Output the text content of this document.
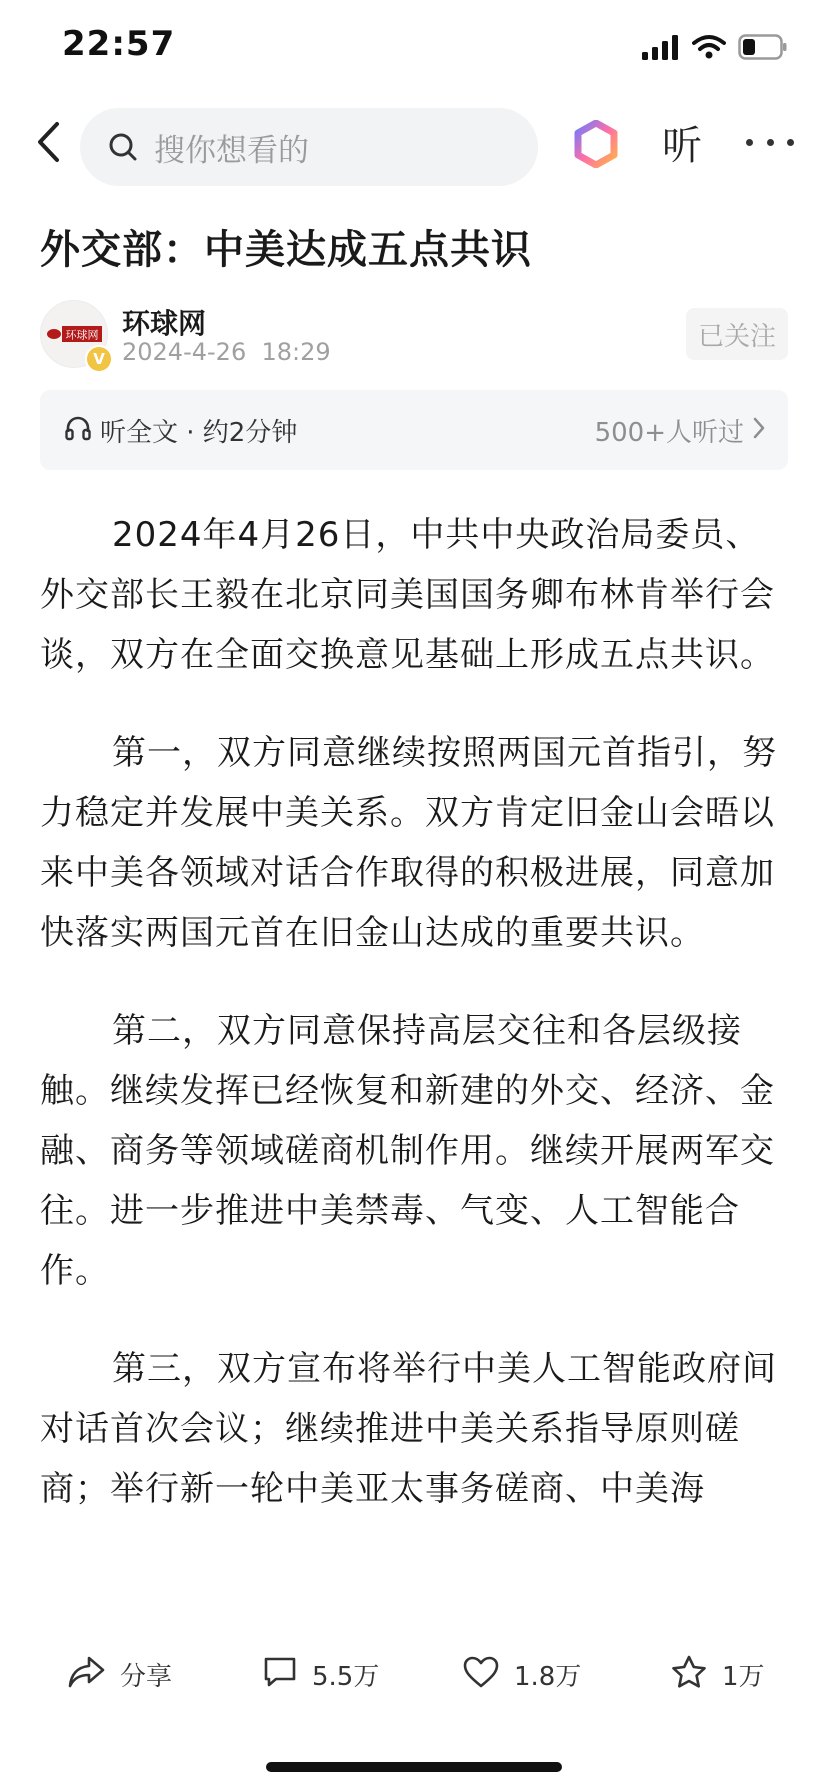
22:57
搜你想看的	听
外交部：中美达成五点共识
环球网
V
环球网
2024-4-26 18:29
已关注
听全文 · 约2分钟	500+人听过

2024年4月26日，中共中央政治局委员、外交部长王毅在北京同美国国务卿布林肯举行会谈，双方在全面交换意见基础上形成五点共识。

第一，双方同意继续按照两国元首指引，努力稳定并发展中美关系。双方肯定旧金山会晤以来中美各领域对话合作取得的积极进展，同意加快落实两国元首在旧金山达成的重要共识。

第二，双方同意保持高层交往和各层级接触。继续发挥已经恢复和新建的外交、经济、金融、商务等领域磋商机制作用。继续开展两军交往。进一步推进中美禁毒、气变、人工智能合作。

第三，双方宣布将举行中美人工智能政府间对话首次会议；继续推进中美关系指导原则磋商；举行新一轮中美亚太事务磋商、中美海

分享	5.5万	1.8万	1万
